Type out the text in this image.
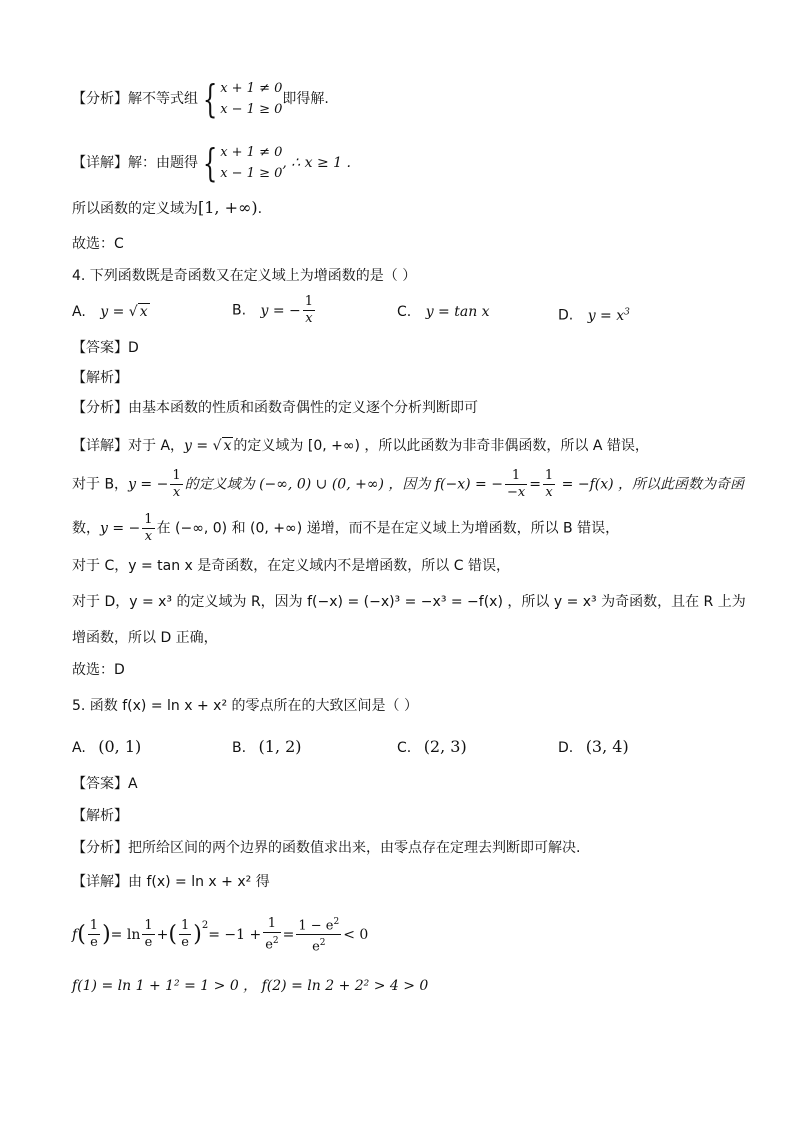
【分析】解不等式组 { x + 1 ≠ 0
x − 1 ≥ 0即得解.
【详解】解：由题得 { x + 1 ≠ 0
x − 1 ≥ 0, ∴ x ≥ 1 .
所以函数的定义域为[1, +∞).
故选：C
4. 下列函数既是奇函数又在定义域上为增函数的是（ ）
A. y = √ x	B. y = − $\frac{1}{x}$	C. y = tan x	D. $y = x^3$
【答案】D
【解析】
【分析】由基本函数的性质和函数奇偶性的定义逐个分析判断即可
【详解】对于 A，y = √ x 的定义域为 [0, +∞) ，所以此函数为非奇非偶函数，所以 A 错误，
对于 B，y = − $\frac{1}{x}$ 的定义域为 (−∞, 0) ∪ (0, +∞) ，因为 f(−x) = − $\frac{1}{-x} = \frac{1}{x} = -f(x)$ ，所以此函数为奇函
数，y = − $\frac{1}{x}$ 在 (−∞, 0) 和 (0, +∞) 递增，而不是在定义域上为增函数，所以 B 错误，
对于 C，y = tan x 是奇函数，在定义域内不是增函数，所以 C 错误，
对于 D，y = x³ 的定义域为 R，因为 f(−x) = (−x)³ = −x³ = −f(x) ，所以 y = x³ 为奇函数，且在 R 上为
增函数，所以 D 正确，
故选：D
5. 函数 f(x) = ln x + x² 的零点所在的大致区间是（ ）
A. (0, 1)	B. (1, 2)	C. (2, 3)	D. (3, 4)
【答案】A
【解析】
【分析】把所给区间的两个边界的函数值求出来，由零点存在定理去判断即可解决.
【详解】由 f(x) = ln x + x² 得
$f( \frac{1}{e}$ )= $\ln \frac{1}{e}$ +( $\frac{1}{e} )^2= -1 + \frac{1}{e^2} = \frac{1 - e^2}{e^2} < 0$
f(1) = ln 1 + 1² = 1 > 0 ， f(2) = ln 2 + 2² > 4 > 0
